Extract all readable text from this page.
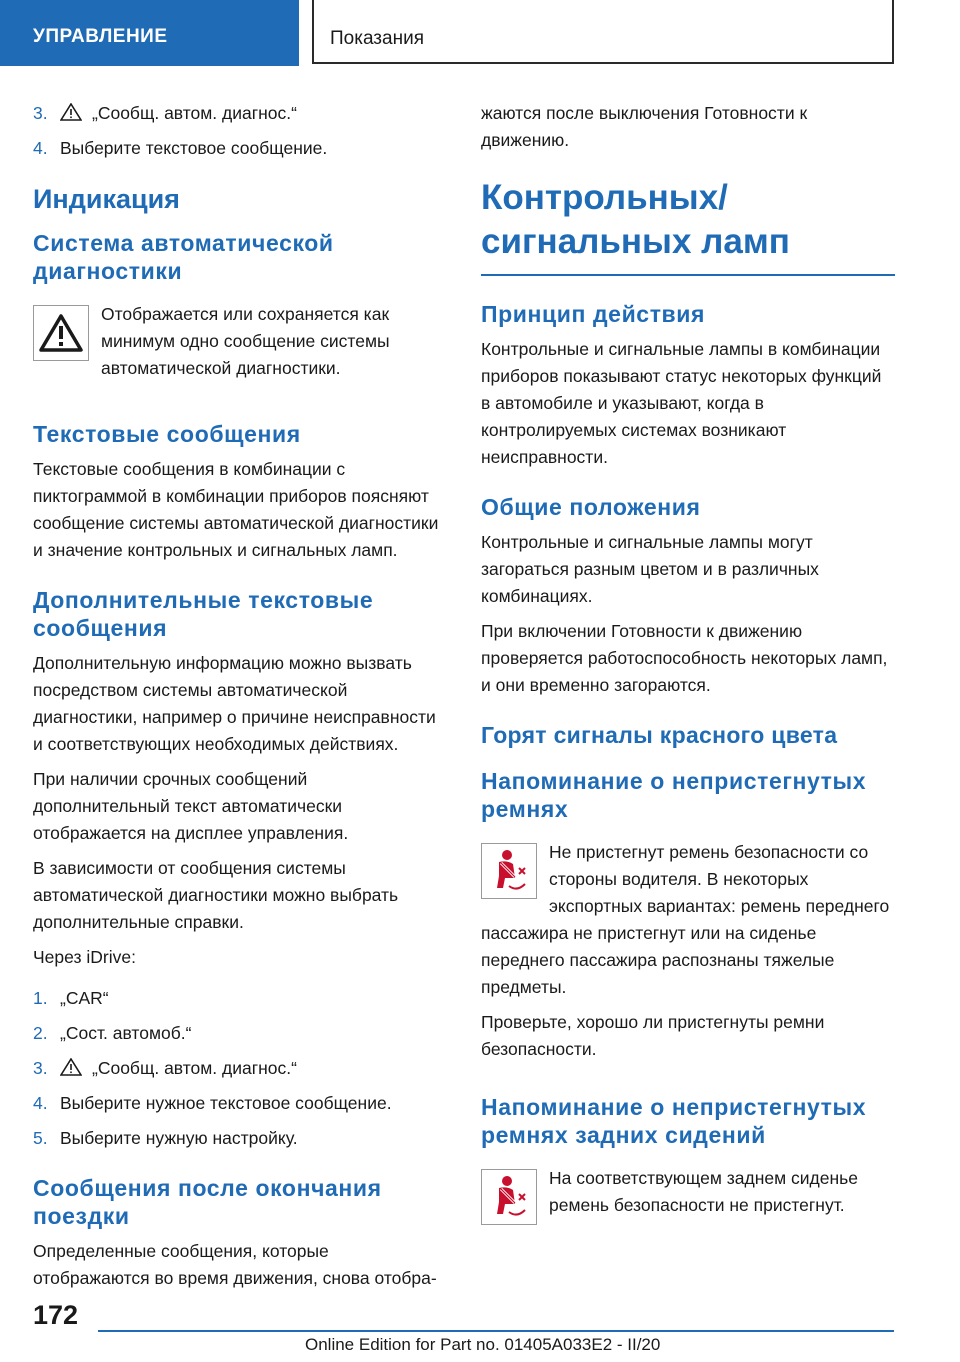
УПРАВЛЕНИЕ	Показания
3.	„Сообщ. автом. диагнос.“
4. Выберите текстовое сообщение.
Индикация
Система автоматической диагностики
Отображается или сохраняется как минимум одно сообщение системы автоматической диагностики.
Текстовые сообщения
Текстовые сообщения в комбинации с пиктограммой в комбинации приборов поясняют сообщение системы автоматической диагностики и значение контрольных и сигнальных ламп.
Дополнительные текстовые сообщения
Дополнительную информацию можно вызвать посредством системы автоматической диагностики, например о причине неисправности и соответствующих необходимых действиях.
При наличии срочных сообщений дополнительный текст автоматически отображается на дисплее управления.
В зависимости от сообщения системы автоматической диагностики можно выбрать дополнительные справки.
Через iDrive:
1. „CAR“
2. „Сост. автомоб.“
3.	„Сообщ. автом. диагнос.“
4. Выберите нужное текстовое сообщение.
5. Выберите нужную настройку.
Сообщения после окончания поездки
Определенные сообщения, которые отображаются во время движения, снова отобра-
жаются после выключения Готовности к движению.
Контрольных/сигнальных ламп
Принцип действия
Контрольные и сигнальные лампы в комбинации приборов показывают статус некоторых функций в автомобиле и указывают, когда в контролируемых системах возникают неисправности.
Общие положения
Контрольные и сигнальные лампы могут загораться разным цветом и в различных комбинациях.
При включении Готовности к движению проверяется работоспособность некоторых ламп, и они временно загораются.
Горят сигналы красного цвета
Напоминание о непристегнутых ремнях
Не пристегнут ремень безопасности со стороны водителя. В некоторых экспортных вариантах: ремень переднего пассажира не пристегнут или на сиденье переднего пассажира распознаны тяжелые предметы.
Проверьте, хорошо ли пристегнуты ремни безопасности.
Напоминание о непристегнутых ремнях задних сидений
На соответствующем заднем сиденье ремень безопасности не пристегнут.
172
Online Edition for Part no. 01405A033E2 - II/20
